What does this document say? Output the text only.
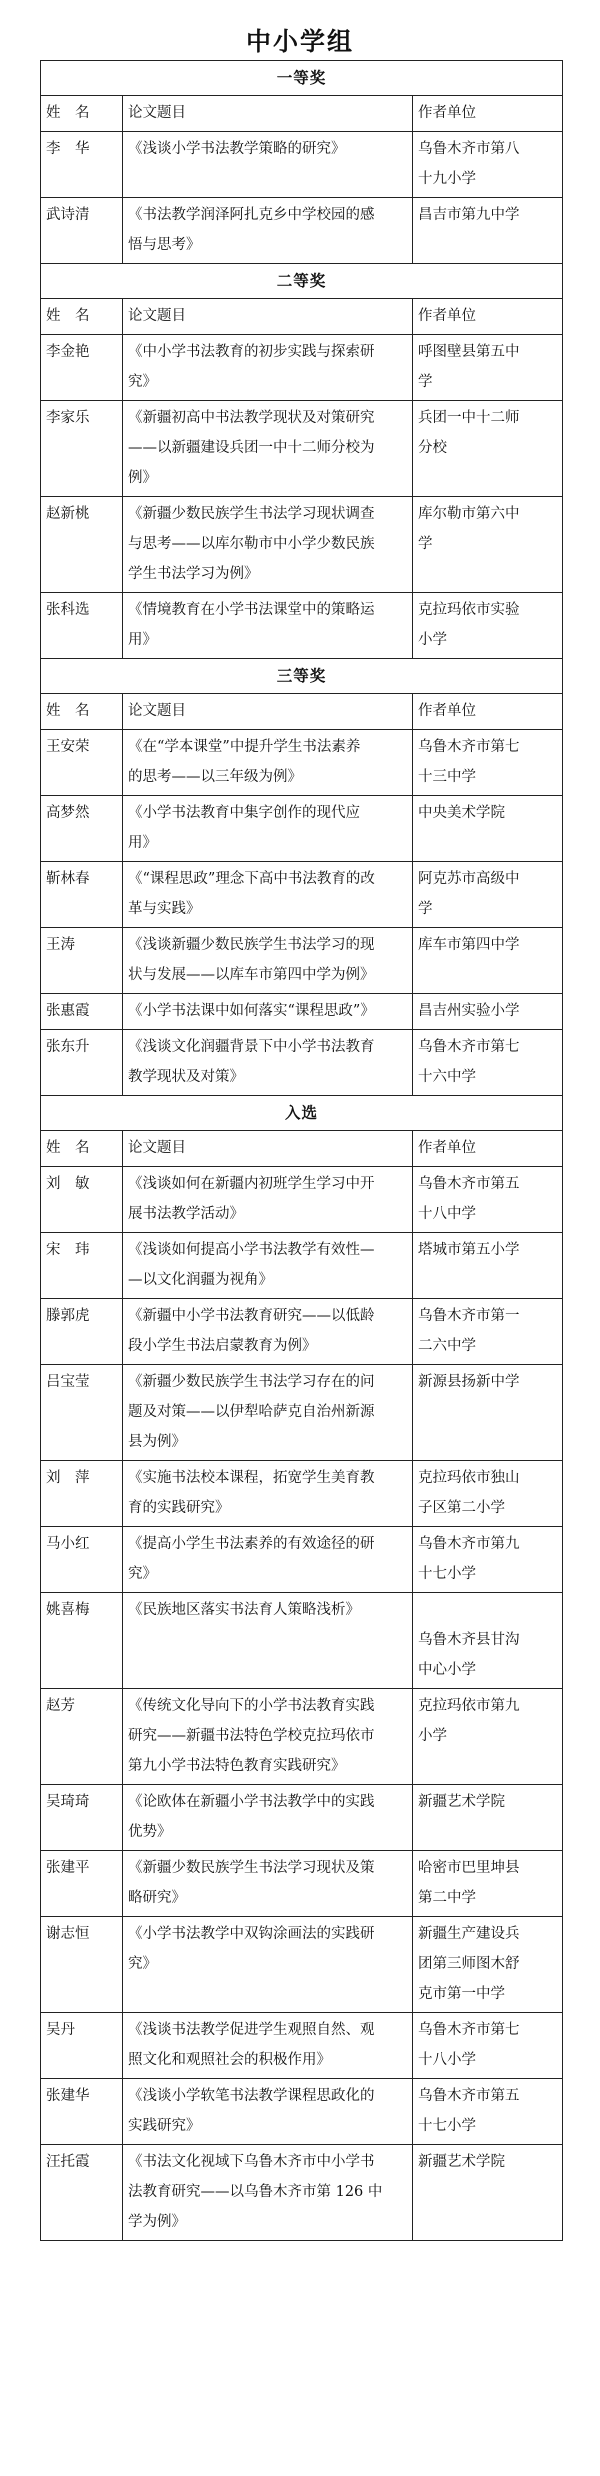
中小学组
一等奖		
姓　名	论文题目	作者单位

李　华	《浅谈小学书法教学策略的研究》	乌鲁木齐市第八
十九小学

武诗清	《书法教学润泽阿扎克乡中学校园的感
悟与思考》	昌吉市第九中学

二等奖		
姓　名	论文题目	作者单位

李金艳	《中小学书法教育的初步实践与探索研
究》	呼图壁县第五中
学

李家乐	《新疆初高中书法教学现状及对策研究
——以新疆建设兵团一中十二师分校为
例》	兵团一中十二师
分校

赵新桃	《新疆少数民族学生书法学习现状调查
与思考——以库尔勒市中小学少数民族
学生书法学习为例》	库尔勒市第六中
学

张科选	《情境教育在小学书法课堂中的策略运
用》	克拉玛依市实验
小学

三等奖		
姓　名	论文题目	作者单位

王安荣	《在“学本课堂”中提升学生书法素养
的思考——以三年级为例》	乌鲁木齐市第七
十三中学

高梦然	《小学书法教育中集字创作的现代应
用》	中央美术学院

靳林春	《“课程思政”理念下高中书法教育的改
革与实践》	阿克苏市高级中
学

王涛	《浅谈新疆少数民族学生书法学习的现
状与发展——以库车市第四中学为例》	库车市第四中学

张惠霞	《小学书法课中如何落实“课程思政”》	昌吉州实验小学

张东升	《浅谈文化润疆背景下中小学书法教育
教学现状及对策》	乌鲁木齐市第七
十六中学

入选		
姓　名	论文题目	作者单位

刘　敏	《浅谈如何在新疆内初班学生学习中开
展书法教学活动》	乌鲁木齐市第五
十八中学

宋　玮	《浅谈如何提高小学书法教学有效性—
—以文化润疆为视角》	塔城市第五小学

滕郭虎	《新疆中小学书法教育研究——以低龄
段小学生书法启蒙教育为例》	乌鲁木齐市第一
二六中学

吕宝莹	《新疆少数民族学生书法学习存在的问
题及对策——以伊犁哈萨克自治州新源
县为例》	新源县扬新中学

刘　萍	《实施书法校本课程，拓宽学生美育教
育的实践研究》	克拉玛依市独山
子区第二小学

马小红	《提高小学生书法素养的有效途径的研
究》	乌鲁木齐市第九
十七小学

姚喜梅	《民族地区落实书法育人策略浅析》	乌鲁木齐县甘沟
中心小学

赵芳	《传统文化导向下的小学书法教育实践
研究——新疆书法特色学校克拉玛依市
第九小学书法特色教育实践研究》	克拉玛依市第九
小学

吴琦琦	《论欧体在新疆小学书法教学中的实践
优势》	新疆艺术学院

张建平	《新疆少数民族学生书法学习现状及策
略研究》	哈密市巴里坤县
第二中学

谢志恒	《小学书法教学中双钩涂画法的实践研
究》	新疆生产建设兵
团第三师图木舒
克市第一中学

吴丹	《浅谈书法教学促进学生观照自然、观
照文化和观照社会的积极作用》	乌鲁木齐市第七
十八小学

张建华	《浅谈小学软笔书法教学课程思政化的
实践研究》	乌鲁木齐市第五
十七小学

汪托霞	《书法文化视域下乌鲁木齐市中小学书
法教育研究——以乌鲁木齐市第 126 中
学为例》	新疆艺术学院
